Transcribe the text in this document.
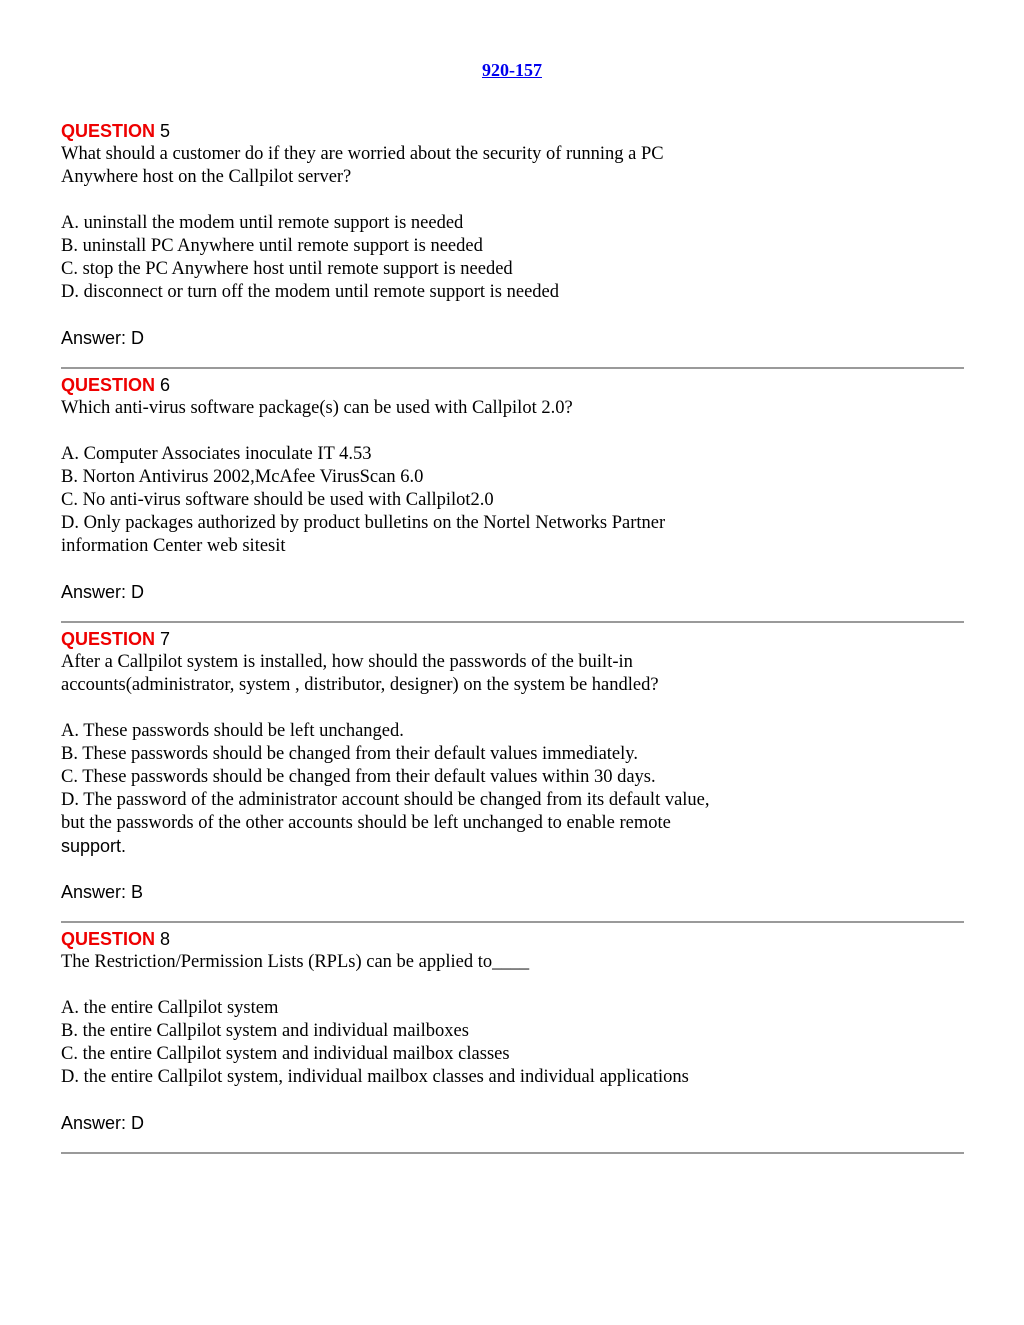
920-157
QUESTION 5
What should a customer do if they are worried about the security of running a PC
Anywhere host on the Callpilot server?
A. uninstall the modem until remote support is needed
B. uninstall PC Anywhere until remote support is needed
C. stop the PC Anywhere host until remote support is needed
D. disconnect or turn off the modem until remote support is needed
Answer: D
QUESTION 6
Which anti-virus software package(s) can be used with Callpilot 2.0?
A. Computer Associates inoculate IT 4.53
B. Norton Antivirus 2002,McAfee VirusScan 6.0
C. No anti-virus software should be used with Callpilot2.0
D. Only packages authorized by product bulletins on the Nortel Networks Partner
information Center web sitesit
Answer: D
QUESTION 7
After a Callpilot system is installed, how should the passwords of the built-in
accounts(administrator, system , distributor, designer) on the system be handled?
A. These passwords should be left unchanged.
B. These passwords should be changed from their default values immediately.
C. These passwords should be changed from their default values within 30 days.
D. The password of the administrator account should be changed from its default value,
but the passwords of the other accounts should be left unchanged to enable remote
support.
Answer: B
QUESTION 8
The Restriction/Permission Lists (RPLs) can be applied to____
A. the entire Callpilot system
B. the entire Callpilot system and individual mailboxes
C. the entire Callpilot system and individual mailbox classes
D. the entire Callpilot system, individual mailbox classes and individual applications
Answer: D
